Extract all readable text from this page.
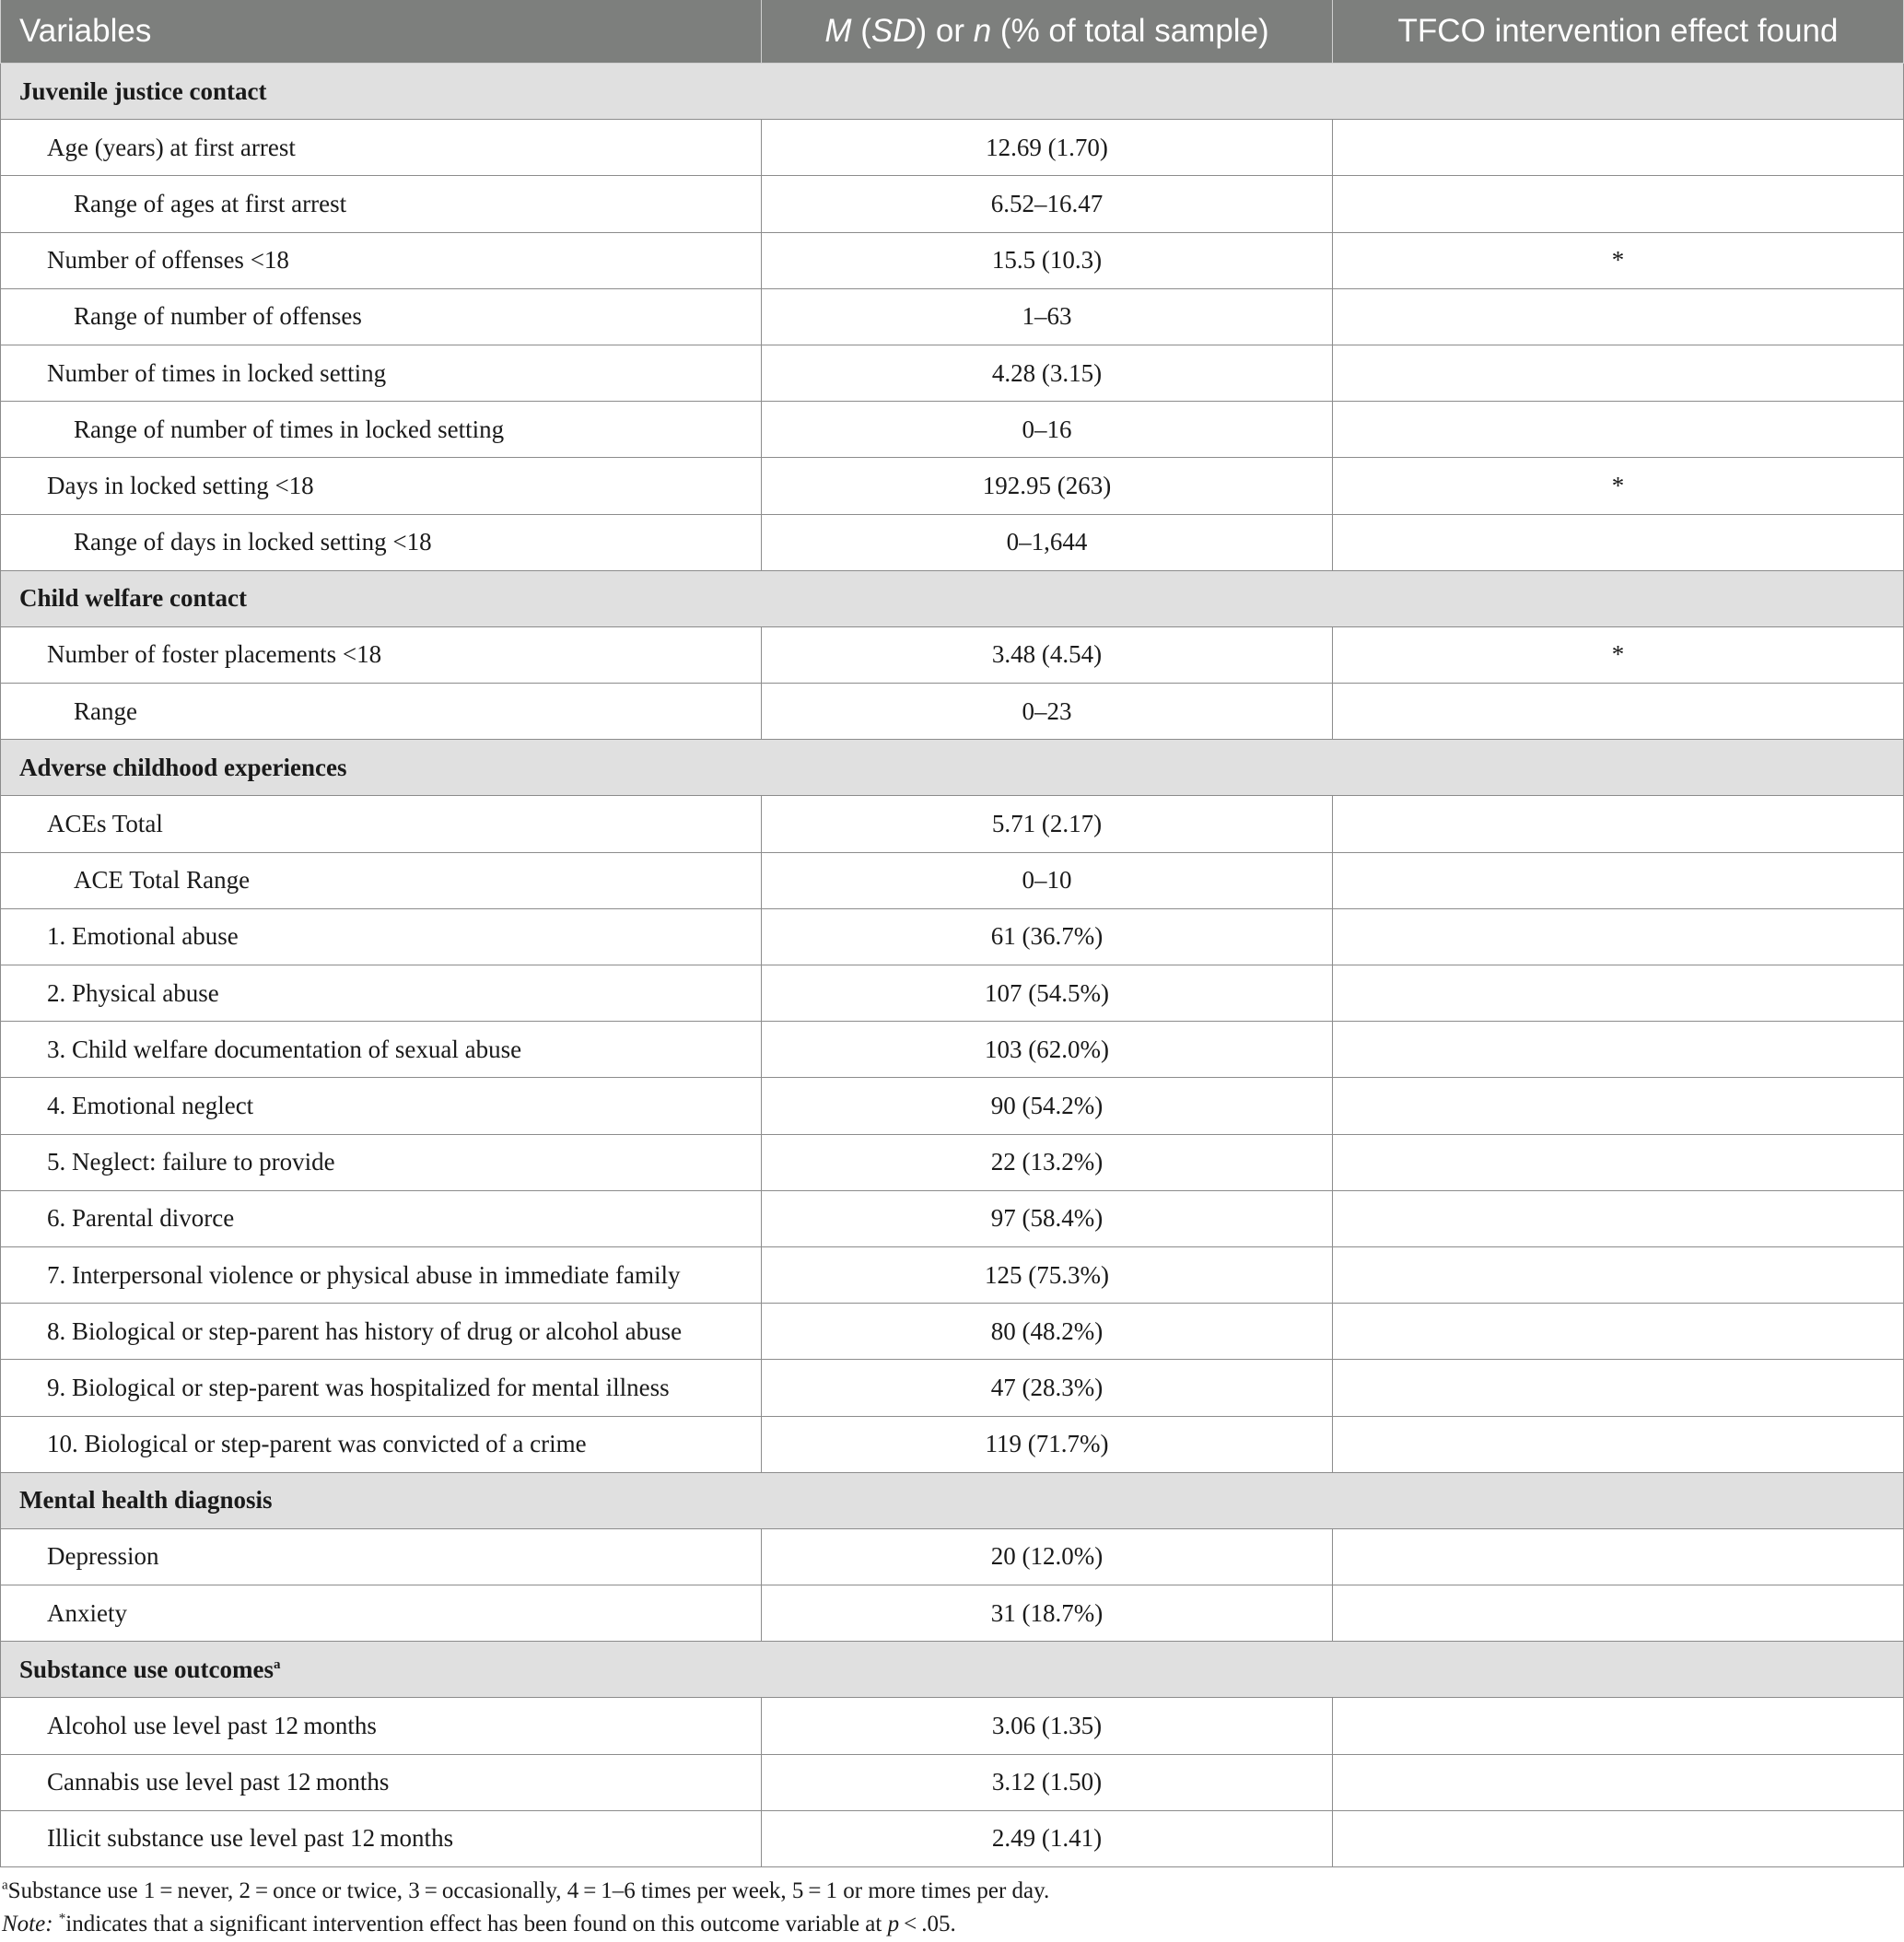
Variables	M (SD) or n (% of total sample)	TFCO intervention effect found
Juvenile justice contact		
Age (years) at first arrest	12.69 (1.70)	
Range of ages at first arrest	6.52–16.47	
Number of offenses <18	15.5 (10.3)	*
Range of number of offenses	1–63	
Number of times in locked setting	4.28 (3.15)	
Range of number of times in locked setting	0–16	
Days in locked setting <18	192.95 (263)	*
Range of days in locked setting <18	0–1,644	
Child welfare contact		
Number of foster placements <18	3.48 (4.54)	*
Range	0–23	
Adverse childhood experiences		
ACEs Total	5.71 (2.17)	
ACE Total Range	0–10	
1. Emotional abuse	61 (36.7%)	
2. Physical abuse	107 (54.5%)	
3. Child welfare documentation of sexual abuse	103 (62.0%)	
4. Emotional neglect	90 (54.2%)	
5. Neglect: failure to provide	22 (13.2%)	
6. Parental divorce	97 (58.4%)	
7. Interpersonal violence or physical abuse in immediate family	125 (75.3%)	
8. Biological or step-parent has history of drug or alcohol abuse	80 (48.2%)	
9. Biological or step-parent was hospitalized for mental illness	47 (28.3%)	
10. Biological or step-parent was convicted of a crime	119 (71.7%)	
Mental health diagnosis		
Depression	20 (12.0%)	
Anxiety	31 (18.7%)	
Substance use outcomes$^a$
Alcohol use level past 12 months	3.06 (1.35)	
Cannabis use level past 12 months	3.12 (1.50)	
Illicit substance use level past 12 months	2.49 (1.41)	
$^a$Substance use 1 = never, 2 = once or twice, 3 = occasionally, 4 = 1–6 times per week, 5 = 1 or more times per day.
Note: *indicates that a significant intervention effect has been found on this outcome variable at p < .05.
